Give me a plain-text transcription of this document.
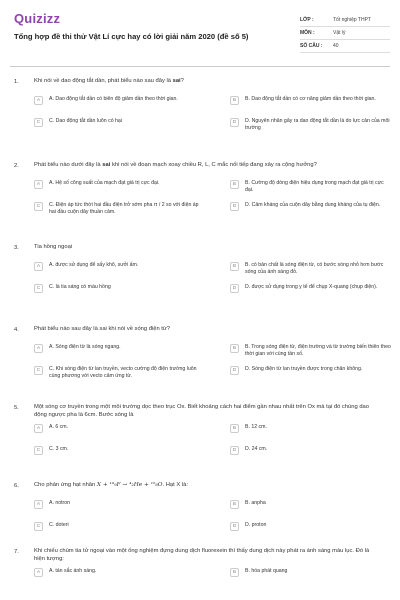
Quizizz
Tổng hợp đề thi thử Vật Lí cực hay có lời giải năm 2020 (đề số 5)
LỚP :	Tốt nghiệp THPT
MÔN :	Vật lý
SỐ CÂU :	40
1.	Khi nói về dao động tắt dần, phát biểu nào sau đây là sai?
A	A. Dao động tắt dần có biên độ giảm dần theo thời gian.	B	B. Dao động tắt dần có cơ năng giảm dần theo thời gian.
C	C. Dao động tắt dần luôn có hại	D	D. Nguyên nhân gây ra dao động tắt dần là do lực cản của môi trường
2.	Phát biểu nào dưới đây là sai khi nói về đoạn mạch xoay chiều R, L, C mắc nối tiếp đang xảy ra cộng hưởng?
A	A. Hệ số công suất của mạch đạt giá trị cực đại.	B	B. Cường độ dòng điện hiệu dụng trong mạch đạt giá trị cực đại.
C	C. Điện áp tức thời hai đầu điện trở sớm pha π / 2 so với điện áp hai đầu cuộn dây thuần cảm.
D	D. Cảm kháng của cuộn dây bằng dung kháng của tụ điện.
3.	Tia hồng ngoại
A	A. được sử dụng để sấy khô, sưởi ấm.	B	B. có bản chất là sóng điện từ, có bước sóng nhỏ hơn bước sóng của ánh sáng đỏ.
C	C. là tia sáng có màu hồng	D	D. được sử dụng trong y tế để chụp X-quang (chụp điện).
4.	Phát biểu nào sau đây là sai khi nói về sóng điện từ?
A	A. Sóng điện từ là sóng ngang.	B	B. Trong sóng điện từ, điện trường và từ trường biến thiên theo thời gian với cùng tần số.
C	C. Khi sóng điện từ lan truyền, vecto cường độ điện trường luôn cùng phương với vecto cảm ứng từ.
D	D. Sóng điện từ lan truyền được trong chân không.
5.	Một sóng cơ truyền trong một môi trường dọc theo trục Ox. Biết khoảng cách hai điểm gần nhau nhất trên Ox mà tại đó chúng dao động ngược pha là 6cm. Bước sóng là
A	A. 6 cm.	B	B. 12 cm.
C	C. 3 cm.	D	D. 24 cm.
6.	Cho phản ứng hạt nhân X + ¹⁹₉F → ⁴₂He + ¹⁶₈O. Hạt X là:
A	A. notron	B	B. anpha
C	C. doteri	D	D. proton
7.	Khi chiếu chùm tia tử ngoại vào một ống nghiệm đựng dung dịch fluorexein thì thấy dung dịch này phát ra ánh sáng màu lục. Đó là hiện tượng:
A	A. tán sắc ánh sáng.	B	B. hóa phát quang
